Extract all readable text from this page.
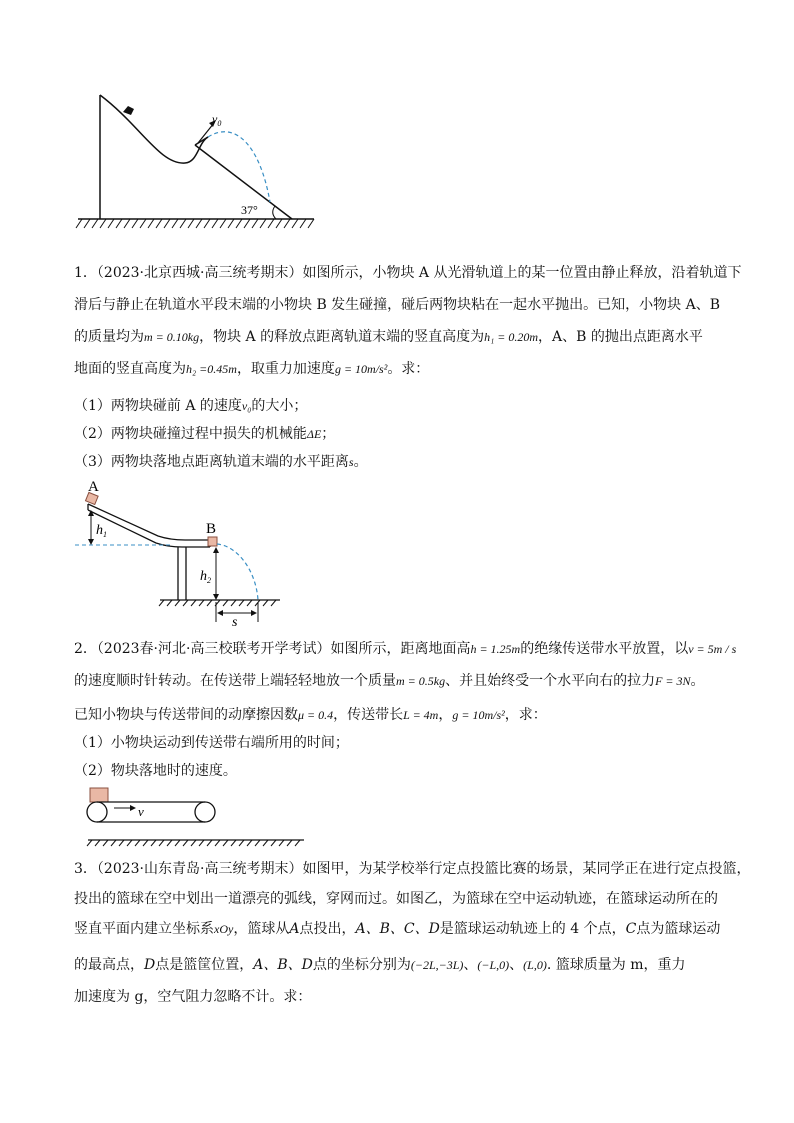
$v_0$
37°
1．（2023·北京西城·高三统考期末）如图所示，小物块 A 从光滑轨道上的某一位置由静止释放，沿着轨道下
滑后与静止在轨道水平段末端的小物块 B 发生碰撞，碰后两物块粘在一起水平抛出。已知，小物块 A、B
的质量均为m = 0.10kg，物块 A 的释放点距离轨道末端的竖直高度为h₁ = 0.20m，A、B 的抛出点距离水平
地面的竖直高度为h₂ =0.45m，取重力加速度g = 10m/s²。求：
（1）两物块碰前 A 的速度v₀的大小；
（2）两物块碰撞过程中损失的机械能ΔE；
（3）两物块落地点距离轨道末端的水平距离s。
A
B
$h_1$
$h_2$
s
2．（2023春·河北·高三校联考开学考试）如图所示，距离地面高h = 1.25m的绝缘传送带水平放置，以v = 5m / s
的速度顺时针转动。在传送带上端轻轻地放一个质量m = 0.5kg、并且始终受一个水平向右的拉力F = 3N。
已知小物块与传送带间的动摩擦因数μ = 0.4，传送带长L = 4m，g = 10m/s²，求：
（1）小物块运动到传送带右端所用的时间；
（2）物块落地时的速度。
v
3．（2023·山东青岛·高三统考期末）如图甲，为某学校举行定点投篮比赛的场景，某同学正在进行定点投篮，
投出的篮球在空中划出一道漂亮的弧线，穿网而过。如图乙，为篮球在空中运动轨迹，在篮球运动所在的
竖直平面内建立坐标系xOy，篮球从A点投出，A、B、C、D是篮球运动轨迹上的 4 个点，C点为篮球运动
的最高点，D点是篮筐位置，A、B、D点的坐标分别为(−2L,−3L)、(−L,0)、(L,0). 篮球质量为 m，重力
加速度为 g，空气阻力忽略不计。求：
